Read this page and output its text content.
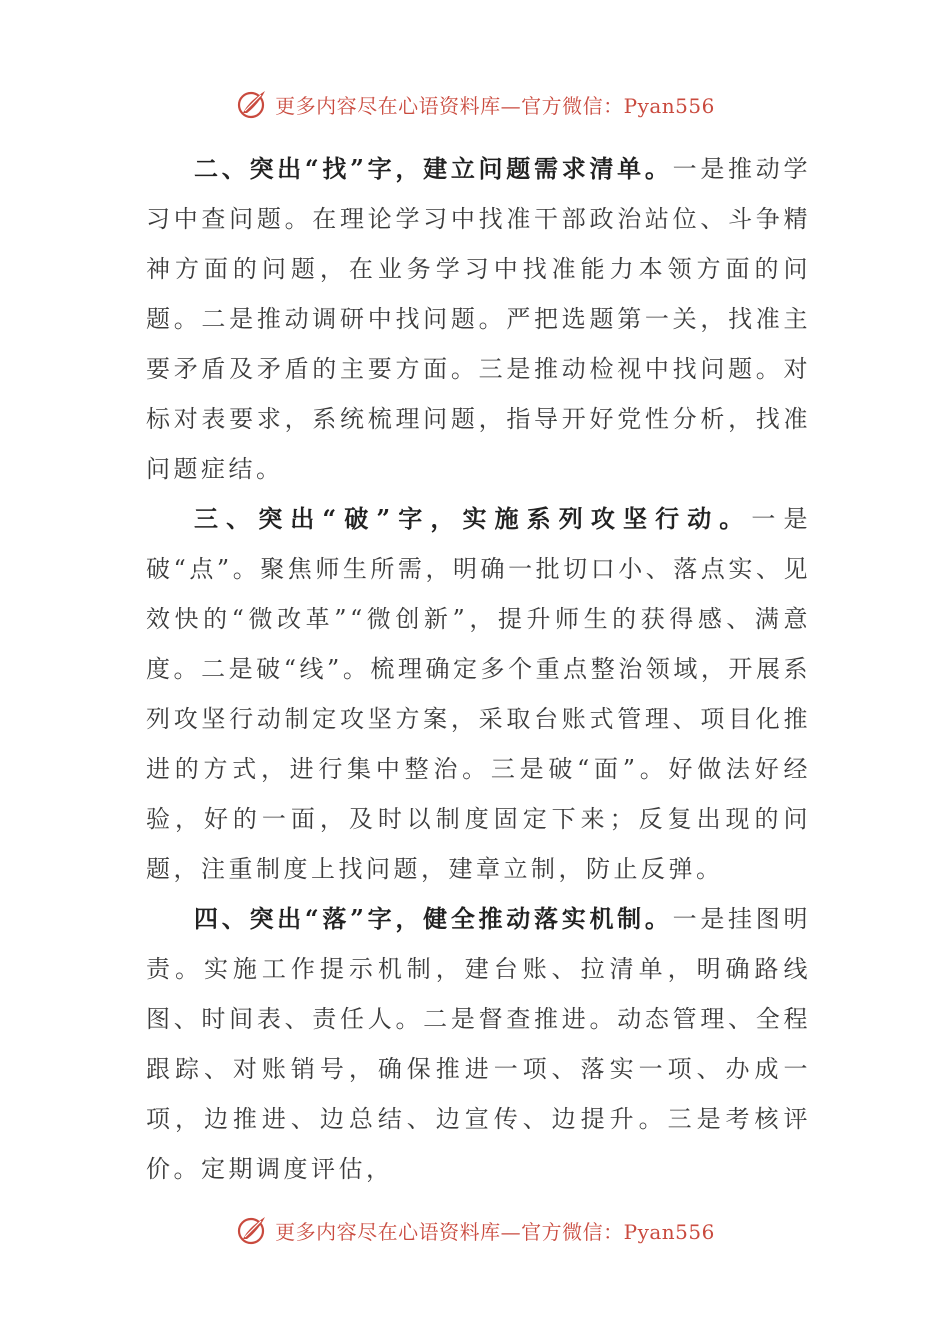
更多内容尽在心语资料库—官方微信：Pyan556

二、突出“找”字，建立问题需求清单。一是推动学习中查问题。在理论学习中找准干部政治站位、斗争精神方面的问题，在业务学习中找准能力本领方面的问题。二是推动调研中找问题。严把选题第一关，找准主要矛盾及矛盾的主要方面。三是推动检视中找问题。对标对表要求，系统梳理问题，指导开好党性分析，找准问题症结。

三、突出“破”字，实施系列攻坚行动。一是破“点”。聚焦师生所需，明确一批切口小、落点实、见效快的“微改革”“微创新”，提升师生的获得感、满意度。二是破“线”。梳理确定多个重点整治领域，开展系列攻坚行动制定攻坚方案，采取台账式管理、项目化推进的方式，进行集中整治。三是破“面”。好做法好经验，好的一面，及时以制度固定下来；反复出现的问题，注重制度上找问题，建章立制，防止反弹。

四、突出“落”字，健全推动落实机制。一是挂图明责。实施工作提示机制，建台账、拉清单，明确路线图、时间表、责任人。二是督查推进。动态管理、全程跟踪、对账销号，确保推进一项、落实一项、办成一项，边推进、边总结、边宣传、边提升。三是考核评价。定期调度评估，

更多内容尽在心语资料库—官方微信：Pyan556
